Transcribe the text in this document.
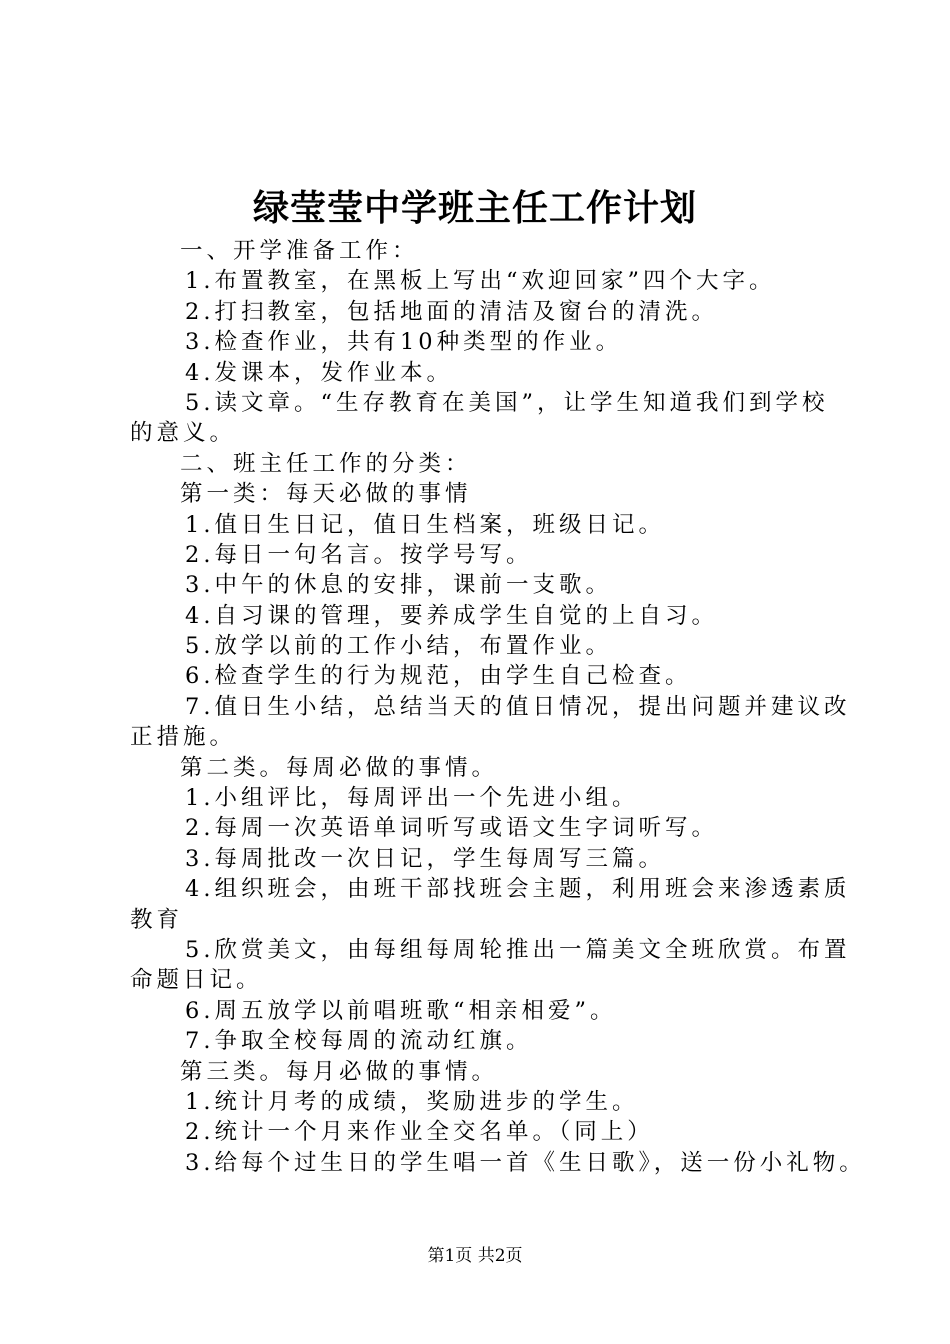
绿莹莹中学班主任工作计划
一、开学准备工作：
1.布置教室，在黑板上写出“欢迎回家”四个大字。
2.打扫教室，包括地面的清洁及窗台的清洗。
3.检查作业，共有10种类型的作业。
4.发课本，发作业本。
5.读文章。“生存教育在美国”，让学生知道我们到学校
的意义。
二、班主任工作的分类：
第一类：每天必做的事情
1.值日生日记，值日生档案，班级日记。
2.每日一句名言。按学号写。
3.中午的休息的安排，课前一支歌。
4.自习课的管理，要养成学生自觉的上自习。
5.放学以前的工作小结，布置作业。
6.检查学生的行为规范，由学生自己检查。
7.值日生小结，总结当天的值日情况，提出问题并建议改
正措施。
第二类。每周必做的事情。
1.小组评比，每周评出一个先进小组。
2.每周一次英语单词听写或语文生字词听写。
3.每周批改一次日记，学生每周写三篇。
4.组织班会，由班干部找班会主题，利用班会来渗透素质
教育
5.欣赏美文，由每组每周轮推出一篇美文全班欣赏。布置
命题日记。
6.周五放学以前唱班歌“相亲相爱”。
7.争取全校每周的流动红旗。
第三类。每月必做的事情。
1.统计月考的成绩，奖励进步的学生。
2.统计一个月来作业全交名单。（同上）
3.给每个过生日的学生唱一首《生日歌》，送一份小礼物。
第1页 共2页
